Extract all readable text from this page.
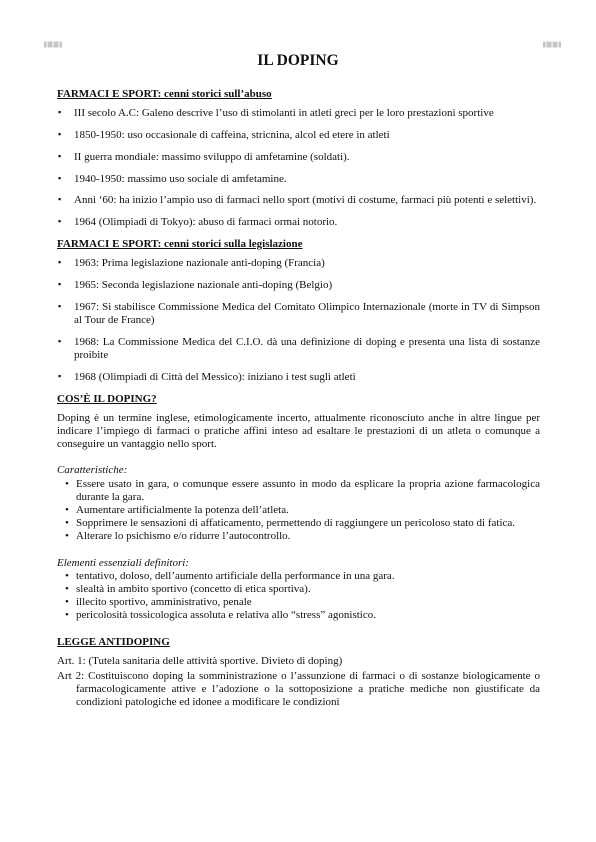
|||||||||||||||	|||||||||||||||
IL DOPING
FARMACI E SPORT: cenni storici sull’abuso
▪ III secolo A.C: Galeno descrive l’uso di stimolanti in atleti greci per le loro prestazioni sportive
▪ 1850-1950: uso occasionale di caffeina, stricnina, alcol ed etere in atleti
▪ II guerra mondiale: massimo sviluppo di amfetamine (soldati).
▪ 1940-1950: massimo uso sociale di amfetamine.
▪ Anni ‘60: ha inizio l’ampio uso di farmaci nello sport (motivi di costume, farmaci più potenti e selettivi).
▪ 1964 (Olimpiadi di Tokyo): abuso di farmaci ormai notorio.
FARMACI E SPORT: cenni storici sulla legislazione
▪ 1963: Prima legislazione nazionale anti-doping (Francia)
▪ 1965: Seconda legislazione nazionale anti-doping (Belgio)
▪ 1967: Si stabilisce Commissione Medica del Comitato Olimpico Internazionale (morte in TV di Simpson al Tour de France)
▪ 1968: La Commissione Medica del C.I.O. dà una definizione di doping e presenta una lista di sostanze proibite
▪ 1968 (Olimpiadi di Città del Messico): iniziano i test sugli atleti
COS’È IL DOPING?

Doping è un termine inglese, etimologicamente incerto, attualmente riconosciuto anche in altre lingue per indicare l’impiego di farmaci o pratiche affini inteso ad esaltare le prestazioni di un atleta o comunque a conseguire un vantaggio nello sport.

Caratteristiche:

• Essere usato in gara, o comunque essere assunto in modo da esplicare la propria azione farmacologica durante la gara.
• Aumentare artificialmente la potenza dell’atleta.
• Sopprimere le sensazioni di affaticamento, permettendo di raggiungere un pericoloso stato di fatica.
• Alterare lo psichismo e/o ridurre l’autocontrollo.

Elementi essenziali definitori:

• tentativo, doloso, dell’aumento artificiale della performance in una gara.
• slealtà in ambito sportivo (concetto di etica sportiva).
• illecito sportivo, amministrativo, penale
• pericolosità tossicologica assoluta e relativa allo “stress” agonistico.
LEGGE ANTIDOPING

Art. 1: (Tutela sanitaria delle attività sportive. Divieto di doping)

Art 2: Costituiscono doping la somministrazione o l’assunzione di farmaci o di sostanze biologicamente o farmacologicamente attive e l’adozione o la sottoposizione a pratiche mediche non giustificate da condizioni patologiche ed idonee a modificare le condizioni
